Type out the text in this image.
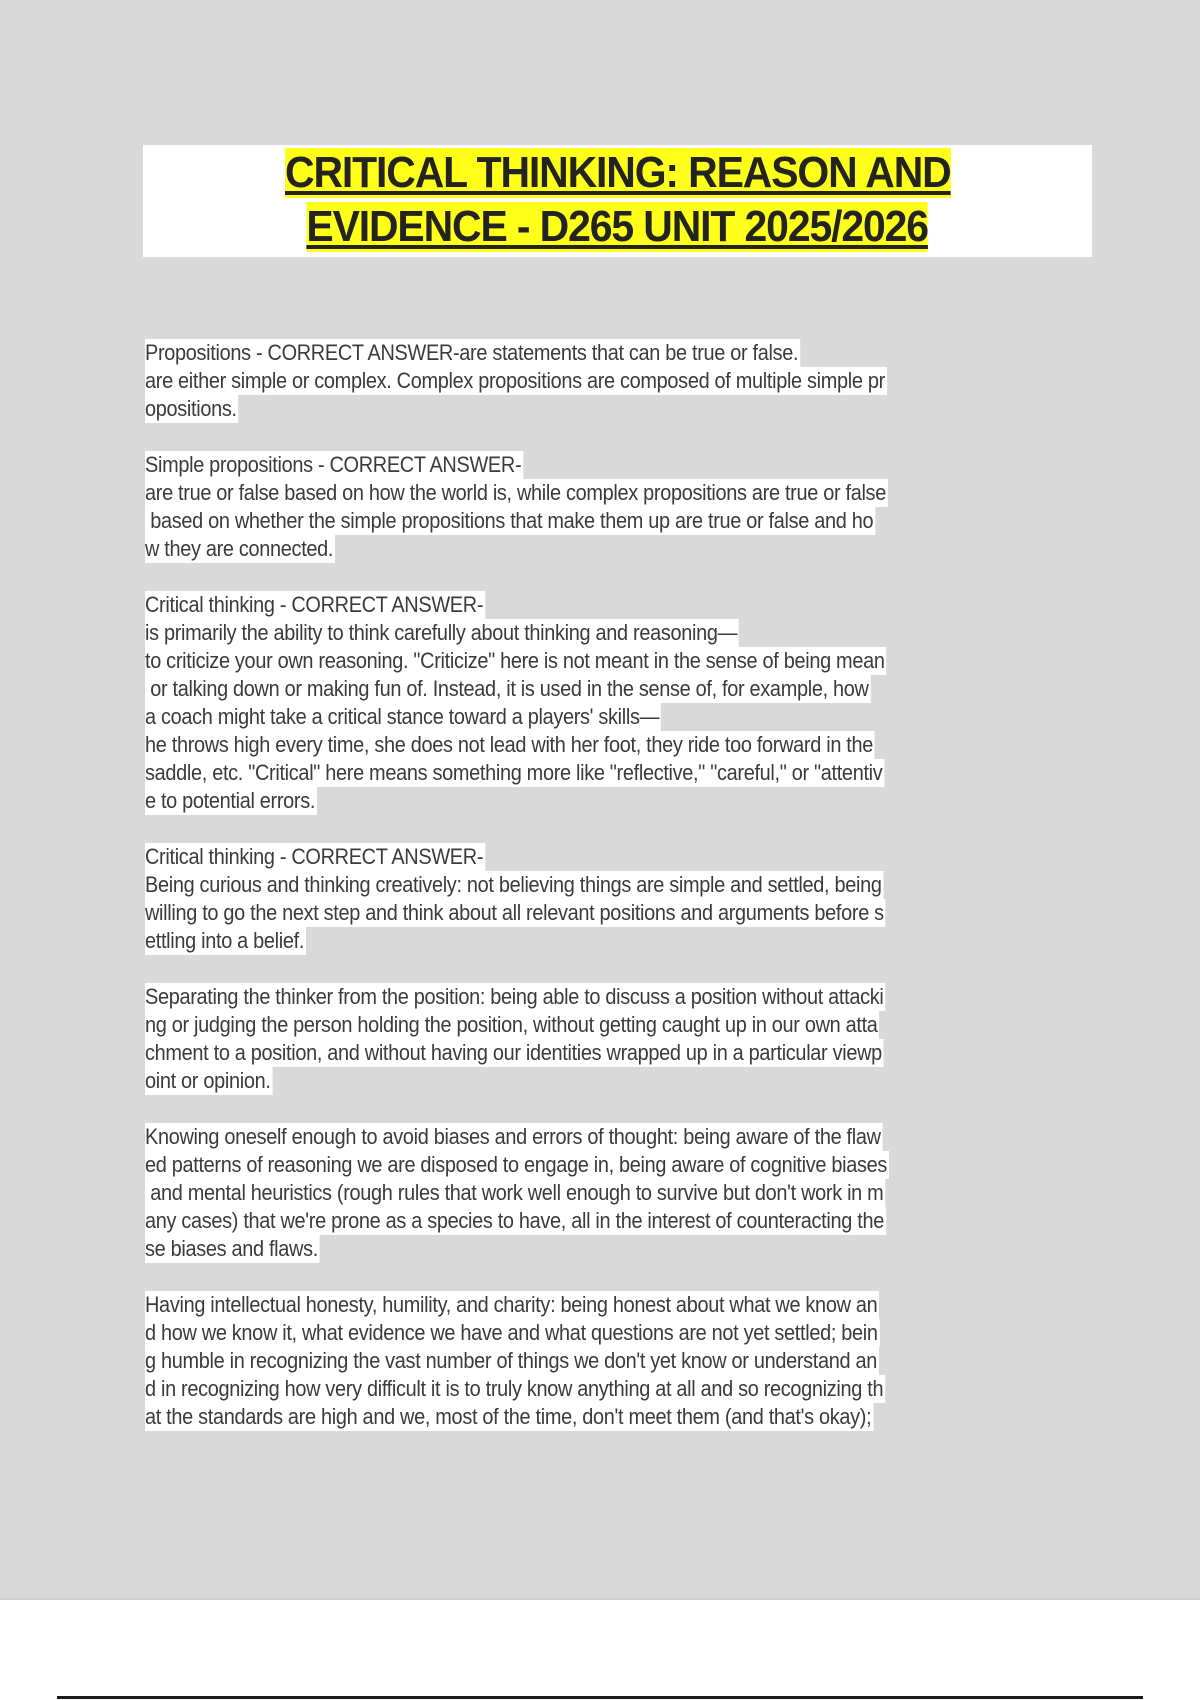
CRITICAL THINKING: REASON AND
EVIDENCE - D265 UNIT 2025/2026
Propositions - CORRECT ANSWER-are statements that can be true or false.
are either simple or complex. Complex propositions are composed of multiple simple pr
opositions.
Simple propositions - CORRECT ANSWER-
are true or false based on how the world is, while complex propositions are true or false
based on whether the simple propositions that make them up are true or false and ho
w they are connected.
Critical thinking - CORRECT ANSWER-
is primarily the ability to think carefully about thinking and reasoning—
to criticize your own reasoning. "Criticize" here is not meant in the sense of being mean
or talking down or making fun of. Instead, it is used in the sense of, for example, how
a coach might take a critical stance toward a players' skills—
he throws high every time, she does not lead with her foot, they ride too forward in the
saddle, etc. "Critical" here means something more like "reflective," "careful," or "attentiv
e to potential errors.
Critical thinking - CORRECT ANSWER-
Being curious and thinking creatively: not believing things are simple and settled, being
willing to go the next step and think about all relevant positions and arguments before s
ettling into a belief.
Separating the thinker from the position: being able to discuss a position without attacki
ng or judging the person holding the position, without getting caught up in our own atta
chment to a position, and without having our identities wrapped up in a particular viewp
oint or opinion.
Knowing oneself enough to avoid biases and errors of thought: being aware of the flaw
ed patterns of reasoning we are disposed to engage in, being aware of cognitive biases
and mental heuristics (rough rules that work well enough to survive but don't work in m
any cases) that we're prone as a species to have, all in the interest of counteracting the
se biases and flaws.
Having intellectual honesty, humility, and charity: being honest about what we know an
d how we know it, what evidence we have and what questions are not yet settled; bein
g humble in recognizing the vast number of things we don't yet know or understand an
d in recognizing how very difficult it is to truly know anything at all and so recognizing th
at the standards are high and we, most of the time, don't meet them (and that's okay);
